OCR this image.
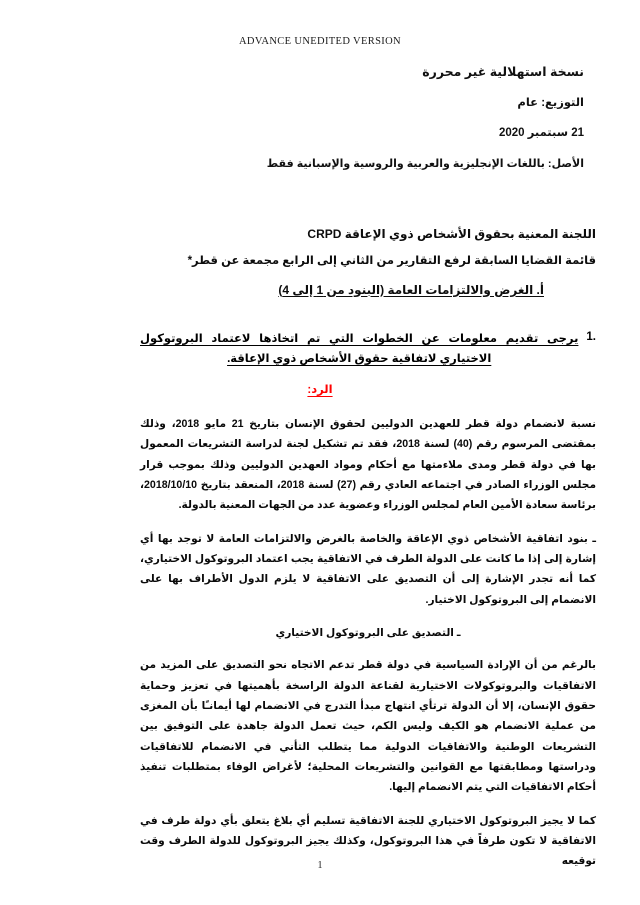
ADVANCE UNEDITED VERSION
نسخة استهلالية غير محررة
التوزيع: عام
21 سبتمبر 2020
الأصل: باللغات الإنجليزية والعربية والروسية والإسبانية فقط
اللجنة المعنية بحقوق الأشخاص ذوي الإعاقة CRPD
قائمة القضايا السابقة لرفع التقارير من الثاني إلى الرابع مجمعة عن قطر*
أ. الغرض والالتزامات العامة (البنود من 1 إلى 4)
1.
يرجى تقديم معلومات عن الخطوات التي تم اتخاذها لاعتماد البروتوكول الاختياري لاتفاقية حقوق الأشخاص ذوي الإعاقة.
الرد:

نسبة لانضمام دولة قطر للعهدين الدوليين لحقوق الإنسان بتاريخ 21 مايو 2018، وذلك بمقتضى المرسوم رقم (40) لسنة 2018، فقد تم تشكيل لجنة لدراسة التشريعات المعمول بها في دولة قطر ومدى ملاءمتها مع أحكام ومواد العهدين الدوليين وذلك بموجب قرار مجلس الوزراء الصادر في اجتماعه العادي رقم (27) لسنة 2018، المنعقد بتاريخ 2018/10/10، برئاسة سعادة الأمين العام لمجلس الوزراء وعضوية عدد من الجهات المعنية بالدولة.

ـ بنود اتفاقية الأشخاص ذوي الإعاقة والخاصة بالغرض والالتزامات العامة لا توجد بها أي إشارة إلى إذا ما كانت على الدولة الطرف في الاتفاقية يجب اعتماد البروتوكول الاختياري، كما أنه تجدر الإشارة إلى أن التصديق على الاتفاقية لا يلزم الدول الأطراف بها على الانضمام إلى البروتوكول الاختيار.

ـ التصديق على البروتوكول الاختياري

بالرغم من أن الإرادة السياسية في دولة قطر تدعم الاتجاه نحو التصديق على المزيد من الاتفاقيات والبروتوكولات الاختيارية لقناعة الدولة الراسخة بأهميتها في تعزيز وحماية حقوق الإنسان، إلا أن الدولة ترتأي انتهاج مبدأ التدرج في الانضمام لها أيمانـًا بأن المغزى من عملية الانضمام هو الكيف وليس الكم، حيث تعمل الدولة جاهدة على التوفيق بين التشريعات الوطنية والاتفاقيات الدولية مما يتطلب التأني في الانضمام للاتفاقيات ودراستها ومطابقتها مع القوانين والتشريعات المحلية؛ لأغراض الوفاء بمتطلبات تنفيذ أحكام الاتفاقيات التي يتم الانضمام إليها.

كما لا يجيز البروتوكول الاختياري للجنة الاتفاقية تسليم أي بلاغ يتعلق بأي دولة طرف في الاتفاقية لا تكون طرفاً في هذا البروتوكول، وكذلك يجيز البروتوكول للدولة الطرف وقت توقيعه

1
